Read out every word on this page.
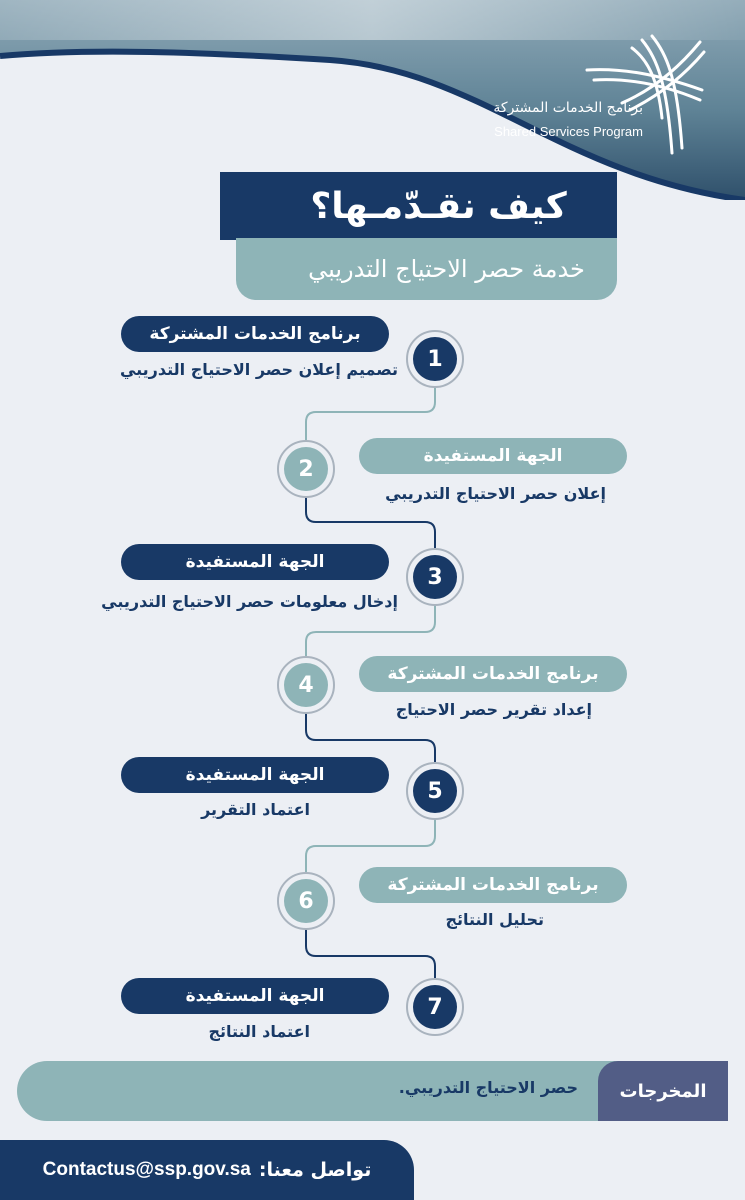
برنامج الخدمات المشتركة
Shared Services Program
كيف نقـدّمـها؟
خدمة حصر الاحتياج التدريبي
برنامج الخدمات المشتركة
تصميم إعلان حصر الاحتياج التدريبي	1
الجهة المستفيدة
إعلان حصر الاحتياج التدريبي
2
الجهة المستفيدة
إدخال معلومات حصر الاحتياج التدريبي
3
برنامج الخدمات المشتركة
إعداد تقرير حصر الاحتياج
4
الجهة المستفيدة
اعتماد التقرير
5
برنامج الخدمات المشتركة
تحليل النتائج
6
الجهة المستفيدة
اعتماد النتائج
7
المخرجات
حصر الاحتياج التدريبي.
Contactus@ssp.gov.sa تواصل معنا:
